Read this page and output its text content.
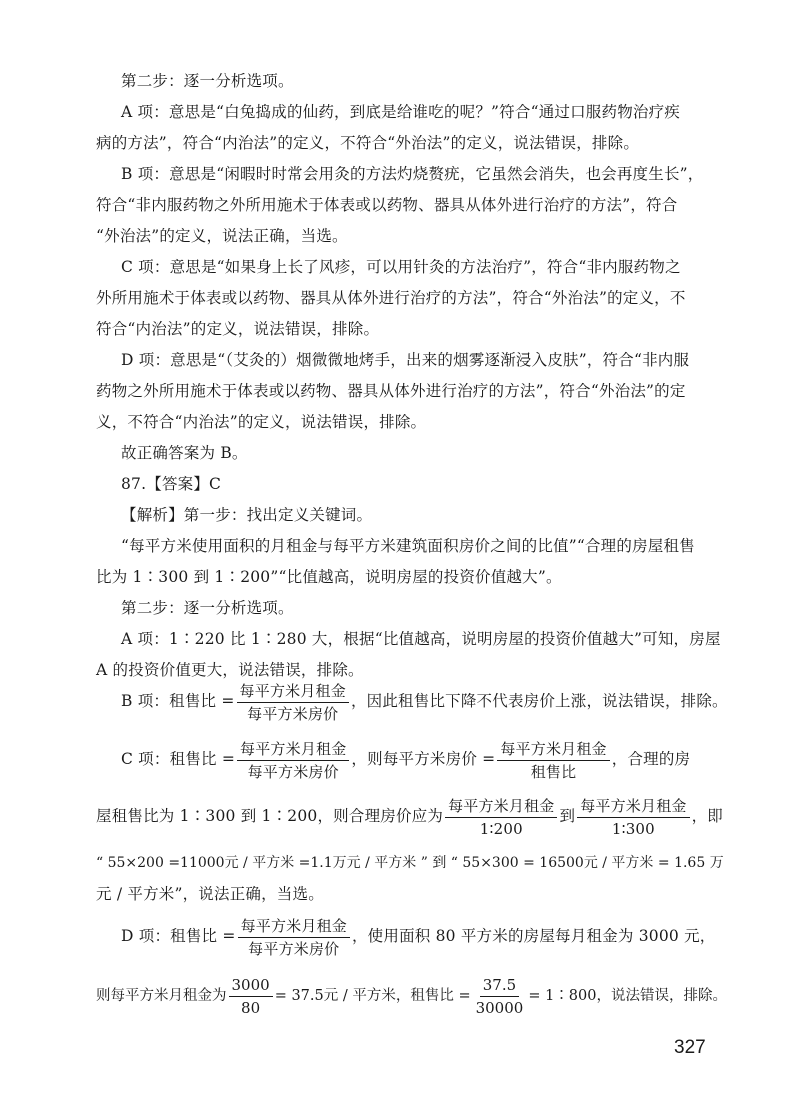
第二步：逐一分析选项。
A 项：意思是“白兔捣成的仙药，到底是给谁吃的呢？”符合“通过口服药物治疗疾
病的方法”，符合“内治法”的定义，不符合“外治法”的定义，说法错误，排除。
B 项：意思是“闲暇时时常会用灸的方法灼烧赘疣，它虽然会消失，也会再度生长”，
符合“非内服药物之外所用施术于体表或以药物、器具从体外进行治疗的方法”，符合
“外治法”的定义，说法正确，当选。
C 项：意思是“如果身上长了风疹，可以用针灸的方法治疗”，符合“非内服药物之
外所用施术于体表或以药物、器具从体外进行治疗的方法”，符合“外治法”的定义，不
符合“内治法”的定义，说法错误，排除。
D 项：意思是“（艾灸的）烟微微地烤手，出来的烟雾逐渐浸入皮肤”，符合“非内服
药物之外所用施术于体表或以药物、器具从体外进行治疗的方法”，符合“外治法”的定
义，不符合“内治法”的定义，说法错误，排除。
故正确答案为 B。
87.【答案】C
【解析】第一步：找出定义关键词。
“每平方米使用面积的月租金与每平方米建筑面积房价之间的比值”“合理的房屋租售
比为 1∶300 到 1∶200”“比值越高，说明房屋的投资价值越大”。
第二步：逐一分析选项。
A 项：1∶220 比 1∶280 大，根据“比值越高，说明房屋的投资价值越大”可知，房屋
A 的投资价值更大，说法错误，排除。
B 项：租售比 = $\frac{\text{每平方米月租金}}{\text{每平方米房价}}$ ，因此租售比下降不代表房价上涨，说法错误，排除。
C 项：租售比 = $\frac{\text{每平方米月租金}}{\text{每平方米房价}}$ ，则每平方米房价 = $\frac{\text{每平方米月租金}}{\text{租售比}}$ ，合理的房
屋租售比为 1∶300 到 1∶200，则合理房价应为 $\frac{\text{每平方米月租金}}{1∶200}$ 到 $\frac{\text{每平方米月租金}}{1∶300}$ ，即
“ 55×200 =11000元 / 平方米 =1.1万元 / 平方米 ” 到 “ 55×300 = 16500元 / 平方米 = 1.65 万
元 / 平方米”，说法正确，当选。
D 项：租售比 = $\frac{\text{每平方米月租金}}{\text{每平方米房价}}$ ，使用面积 80 平方米的房屋每月租金为 3000 元，
则每平方米月租金为 $\frac{3000}{80} = 37.5$元 / 平方米，租售比 = $\frac{37.5}{30000}$ = 1∶800，说法错误，排除。
327
